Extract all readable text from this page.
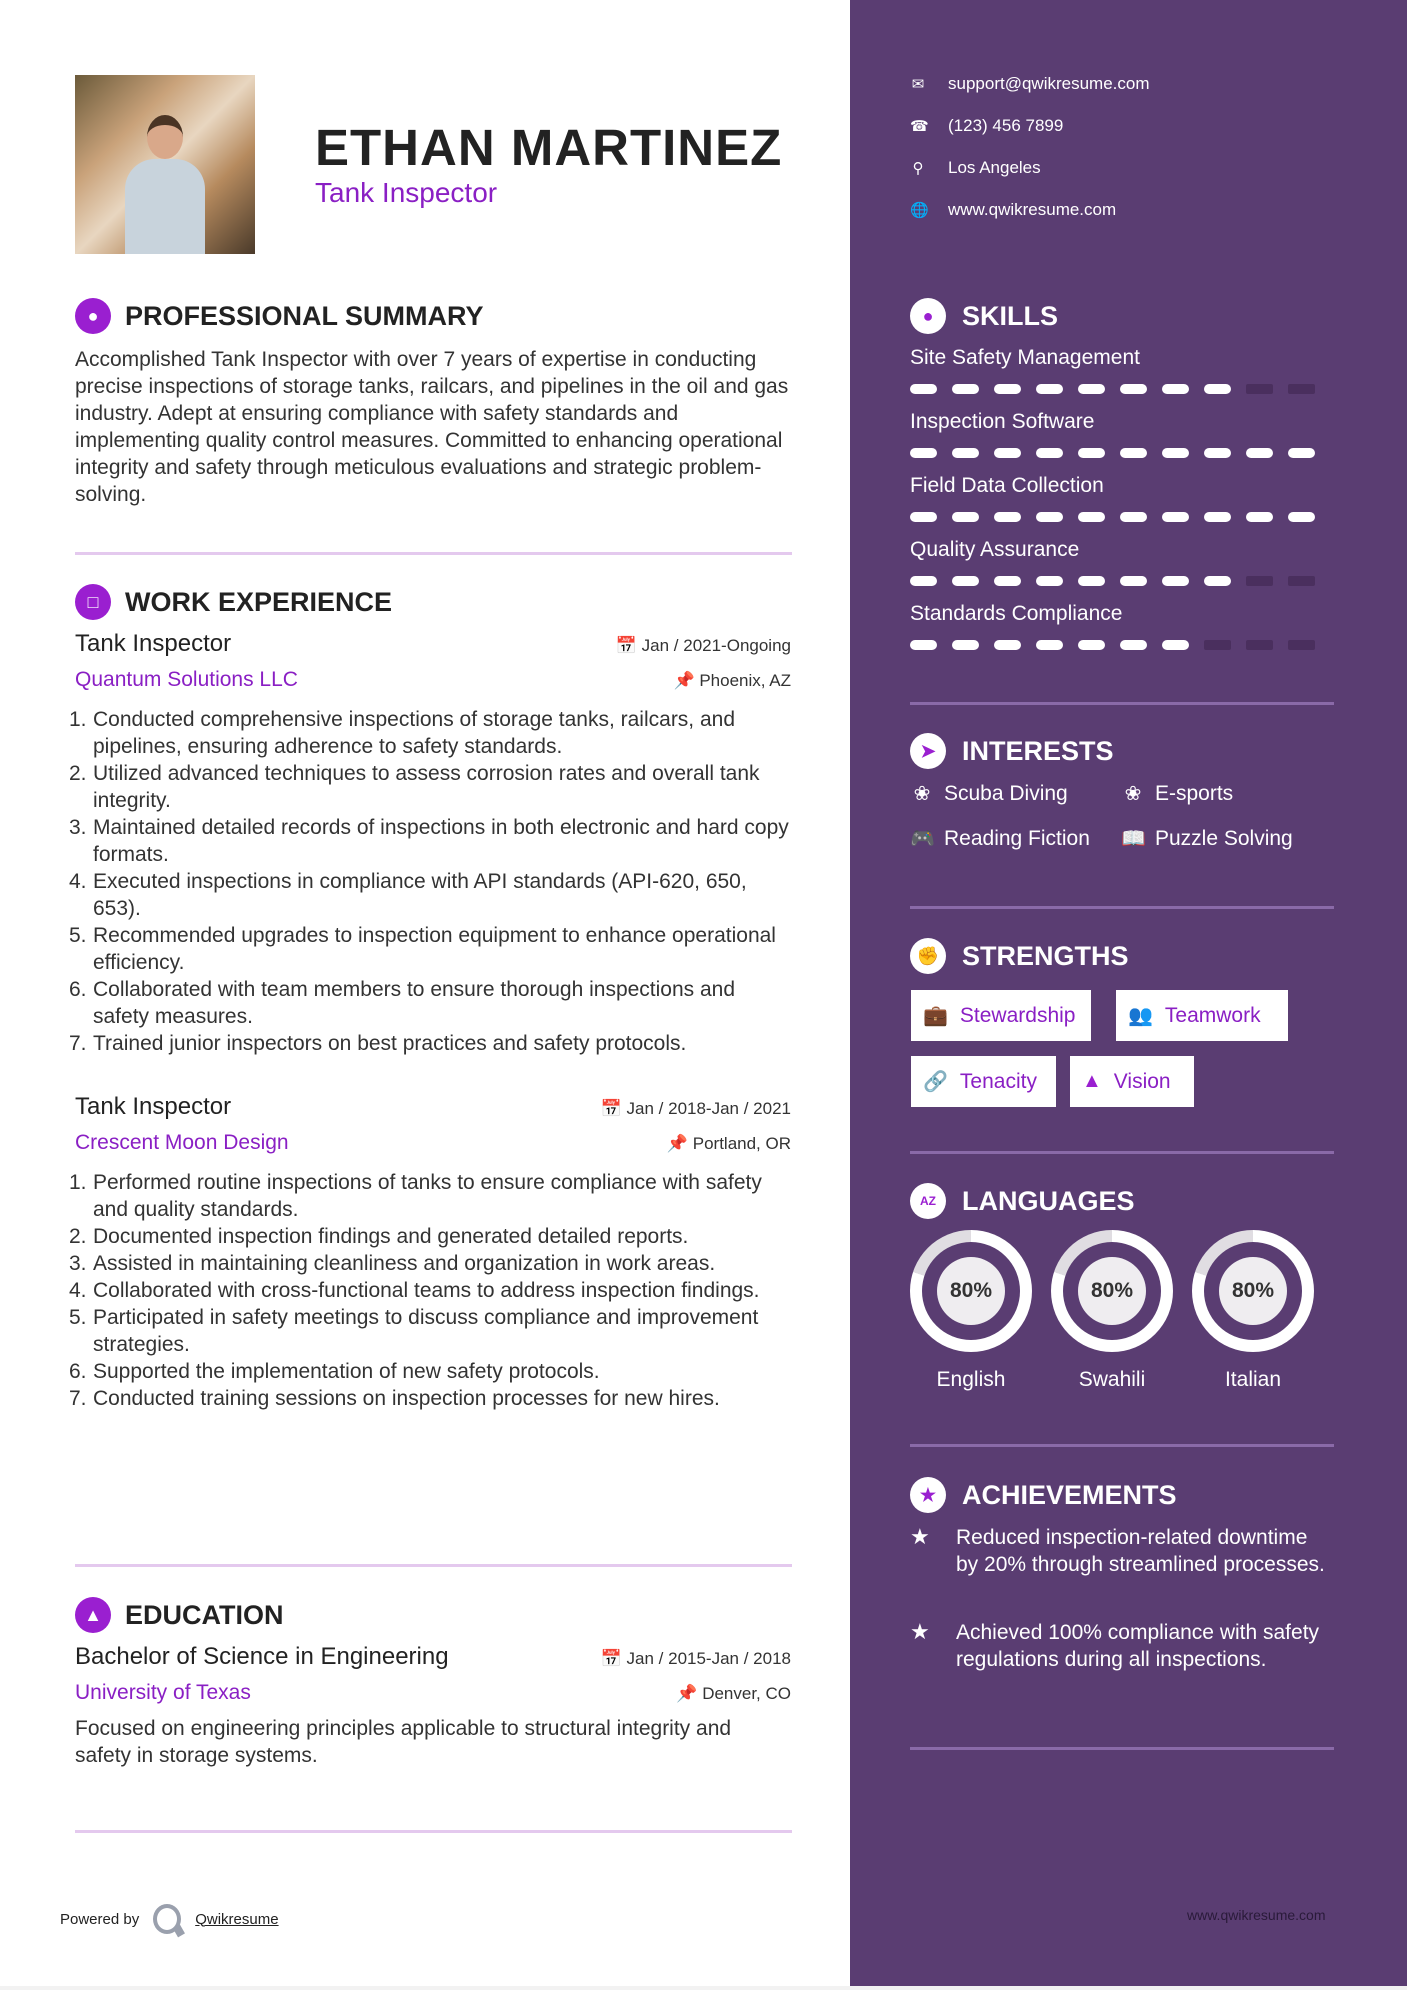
ETHAN MARTINEZ
Tank Inspector
● PROFESSIONAL SUMMARY
Accomplished Tank Inspector with over 7 years of expertise in conducting precise inspections of storage tanks, railcars, and pipelines in the oil and gas industry. Adept at ensuring compliance with safety standards and implementing quality control measures. Committed to enhancing operational integrity and safety through meticulous evaluations and strategic problem-solving.
□ WORK EXPERIENCE
Tank Inspector	📅 Jan / 2021-Ongoing
Quantum Solutions LLC	📌 Phoenix, AZ
1. Conducted comprehensive inspections of storage tanks, railcars, and pipelines, ensuring adherence to safety standards.
2. Utilized advanced techniques to assess corrosion rates and overall tank integrity.
3. Maintained detailed records of inspections in both electronic and hard copy formats.
4. Executed inspections in compliance with API standards (API-620, 650, 653).
5. Recommended upgrades to inspection equipment to enhance operational efficiency.
6. Collaborated with team members to ensure thorough inspections and safety measures.
7. Trained junior inspectors on best practices and safety protocols.
Tank Inspector	📅 Jan / 2018-Jan / 2021
Crescent Moon Design	📌 Portland, OR
1. Performed routine inspections of tanks to ensure compliance with safety and quality standards.
2. Documented inspection findings and generated detailed reports.
3. Assisted in maintaining cleanliness and organization in work areas.
4. Collaborated with cross-functional teams to address inspection findings.
5. Participated in safety meetings to discuss compliance and improvement strategies.
6. Supported the implementation of new safety protocols.
7. Conducted training sessions on inspection processes for new hires.
▲ EDUCATION
Bachelor of Science in Engineering	📅 Jan / 2015-Jan / 2018
University of Texas	📌 Denver, CO
Focused on engineering principles applicable to structural integrity and safety in storage systems.
Powered by	Qwikresume	www.qwikresume.com
✉ support@qwikresume.com
☎ (123) 456 7899
⚲ Los Angeles
🌐 www.qwikresume.com
●	SKILLS
Site Safety Management
Inspection Software
Field Data Collection
Quality Assurance
Standards Compliance
➤ INTERESTS
❀ Scuba Diving	❀ E-sports
🎮 Reading Fiction 📖 Puzzle Solving
✊ STRENGTHS
💼 Stewardship	👥 Teamwork
🔗 Tenacity ▲ Vision
AZ LANGUAGES
80%
English
80%
Swahili
80%
Italian
★ ACHIEVEMENTS
★	Reduced inspection-related downtime by 20% through streamlined processes.
★	Achieved 100% compliance with safety regulations during all inspections.
